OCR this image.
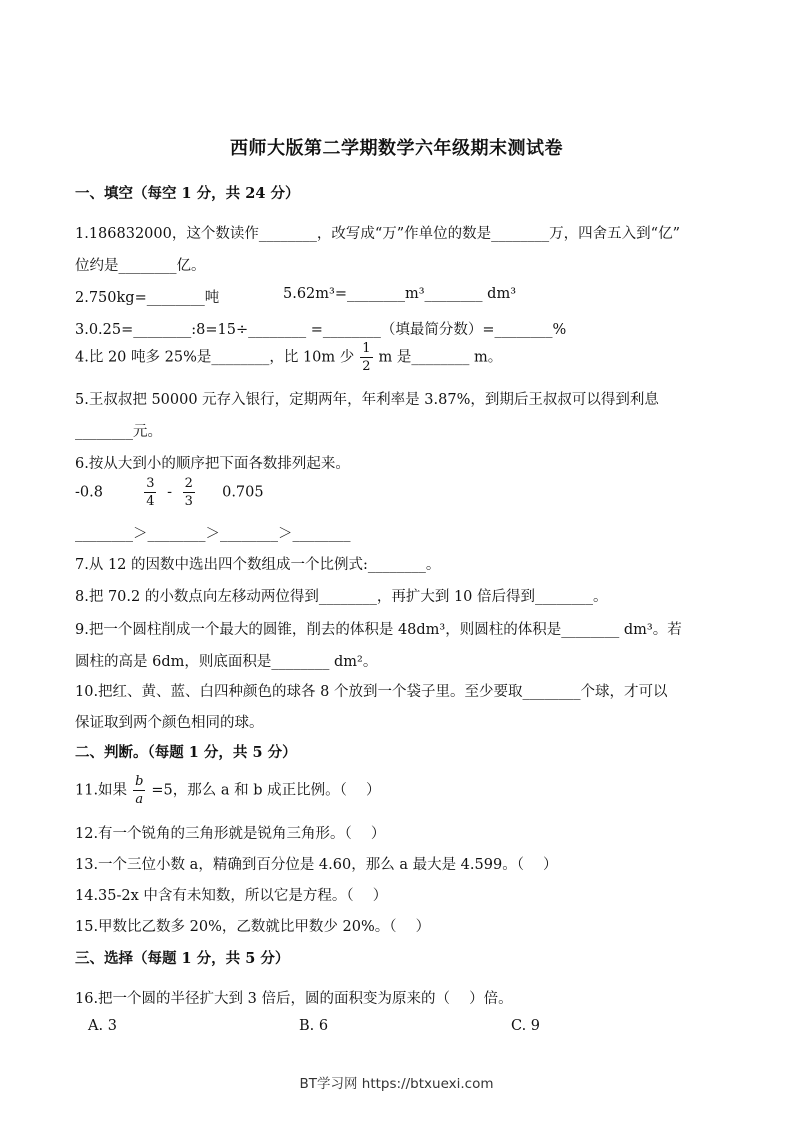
西师大版第二学期数学六年级期末测试卷
一、填空（每空 1 分，共 24 分）
1.186832000，这个数读作________，改写成“万”作单位的数是________万，四舍五入到“亿”
位约是________亿。
2.750kg=________吨	5.62m³=________m³________ dm³
3.0.25=________:8=15÷________ =________（填最简分数）=________%
4.比 20 吨多 25%是________，比 10m 少 $\frac{1}{2}$ m 是________ m。
5.王叔叔把 50000 元存入银行，定期两年，年利率是 3.87%，到期后王叔叔可以得到利息
________元。
6.按从大到小的顺序把下面各数排列起来。
-0.8	$\frac{3}{4} - \frac{2}{3} 0.705$
________＞________＞________＞________
7.从 12 的因数中选出四个数组成一个比例式:________。
8.把 70.2 的小数点向左移动两位得到________，再扩大到 10 倍后得到________。
9.把一个圆柱削成一个最大的圆锥，削去的体积是 48dm³，则圆柱的体积是________ dm³。若
圆柱的高是 6dm，则底面积是________ dm²。
10.把红、黄、蓝、白四种颜色的球各 8 个放到一个袋子里。至少要取________个球，才可以
保证取到两个颜色相同的球。
二、判断。（每题 1 分，共 5 分）
11.如果 $\frac{b}{a} =5$，那么 a 和 b 成正比例。（　 ）
12.有一个锐角的三角形就是锐角三角形。（　 ）
13.一个三位小数 a，精确到百分位是 4.60，那么 a 最大是 4.599。（　 ）
14.35-2x 中含有未知数，所以它是方程。（　 ）
15.甲数比乙数多 20%，乙数就比甲数少 20%。（　 ）
三、选择（每题 1 分，共 5 分）
16.把一个圆的半径扩大到 3 倍后，圆的面积变为原来的（　 ）倍。
A. 3	B. 6	C. 9
BT学习网 https://btxuexi.com
